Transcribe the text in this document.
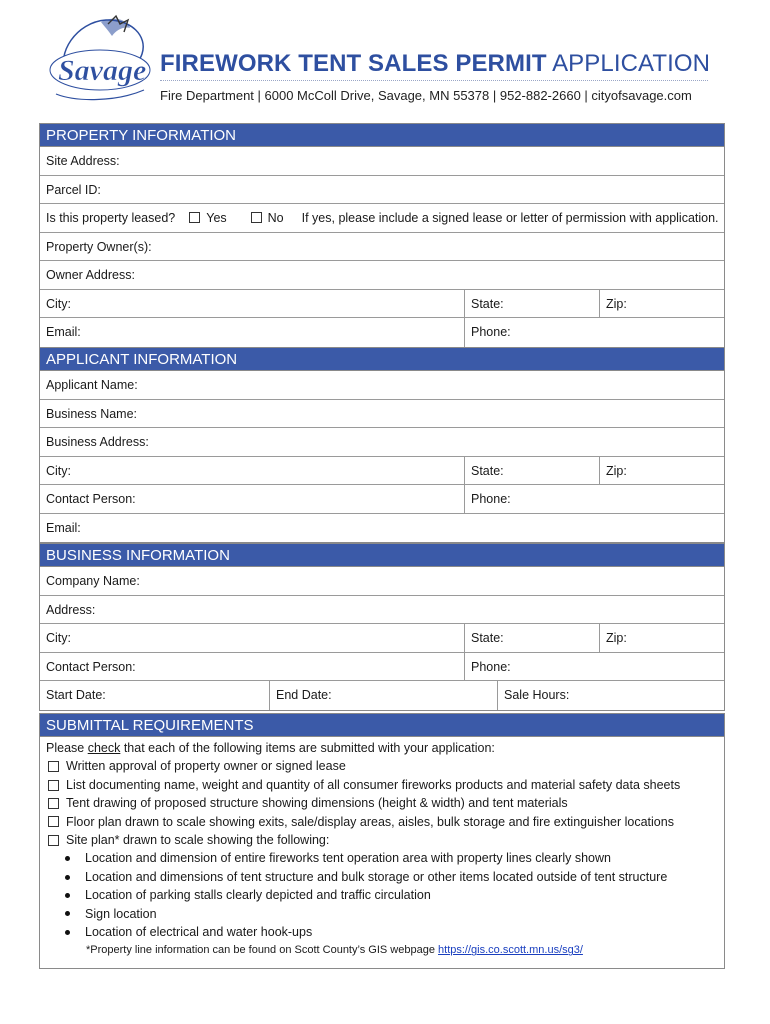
Savage FIREWORK TENT SALES PERMIT APPLICATION
Fire Department | 6000 McColl Drive, Savage, MN 55378 | 952-882-2660 | cityofsavage.com
PROPERTY INFORMATION
Site Address:
Parcel ID:
Is this property leased? Yes	No If yes, please include a signed lease or letter of permission with application.
Property Owner(s):
Owner Address:
City:	State:	Zip:
Email:	Phone:
APPLICANT INFORMATION
Applicant Name:
Business Name:
Business Address:
City:	State:	Zip:
Contact Person:	Phone:
Email:
BUSINESS INFORMATION
Company Name:
Address:
City:	State:	Zip:
Contact Person:	Phone:
Start Date:	End Date:	Sale Hours:
SUBMITTAL REQUIREMENTS
Please check that each of the following items are submitted with your application:
Written approval of property owner or signed lease
List documenting name, weight and quantity of all consumer fireworks products and material safety data sheets
Tent drawing of proposed structure showing dimensions (height & width) and tent materials
Floor plan drawn to scale showing exits, sale/display areas, aisles, bulk storage and fire extinguisher locations
Site plan* drawn to scale showing the following:
Location and dimension of entire fireworks tent operation area with property lines clearly shown
Location and dimensions of tent structure and bulk storage or other items located outside of tent structure
Location of parking stalls clearly depicted and traffic circulation
Sign location
Location of electrical and water hook-ups
*Property line information can be found on Scott County’s GIS webpage https://gis.co.scott.mn.us/sg3/
